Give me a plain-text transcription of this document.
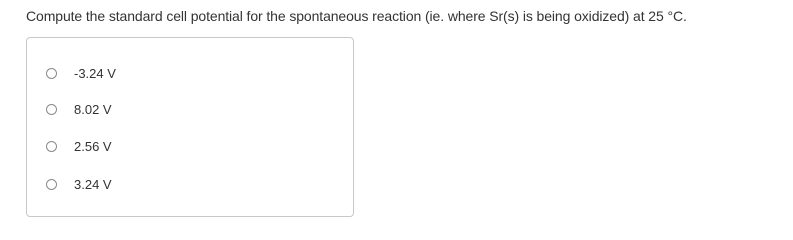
Compute the standard cell potential for the spontaneous reaction (ie. where Sr(s) is being oxidized) at 25 °C.
-3.24 V
8.02 V
2.56 V
3.24 V
